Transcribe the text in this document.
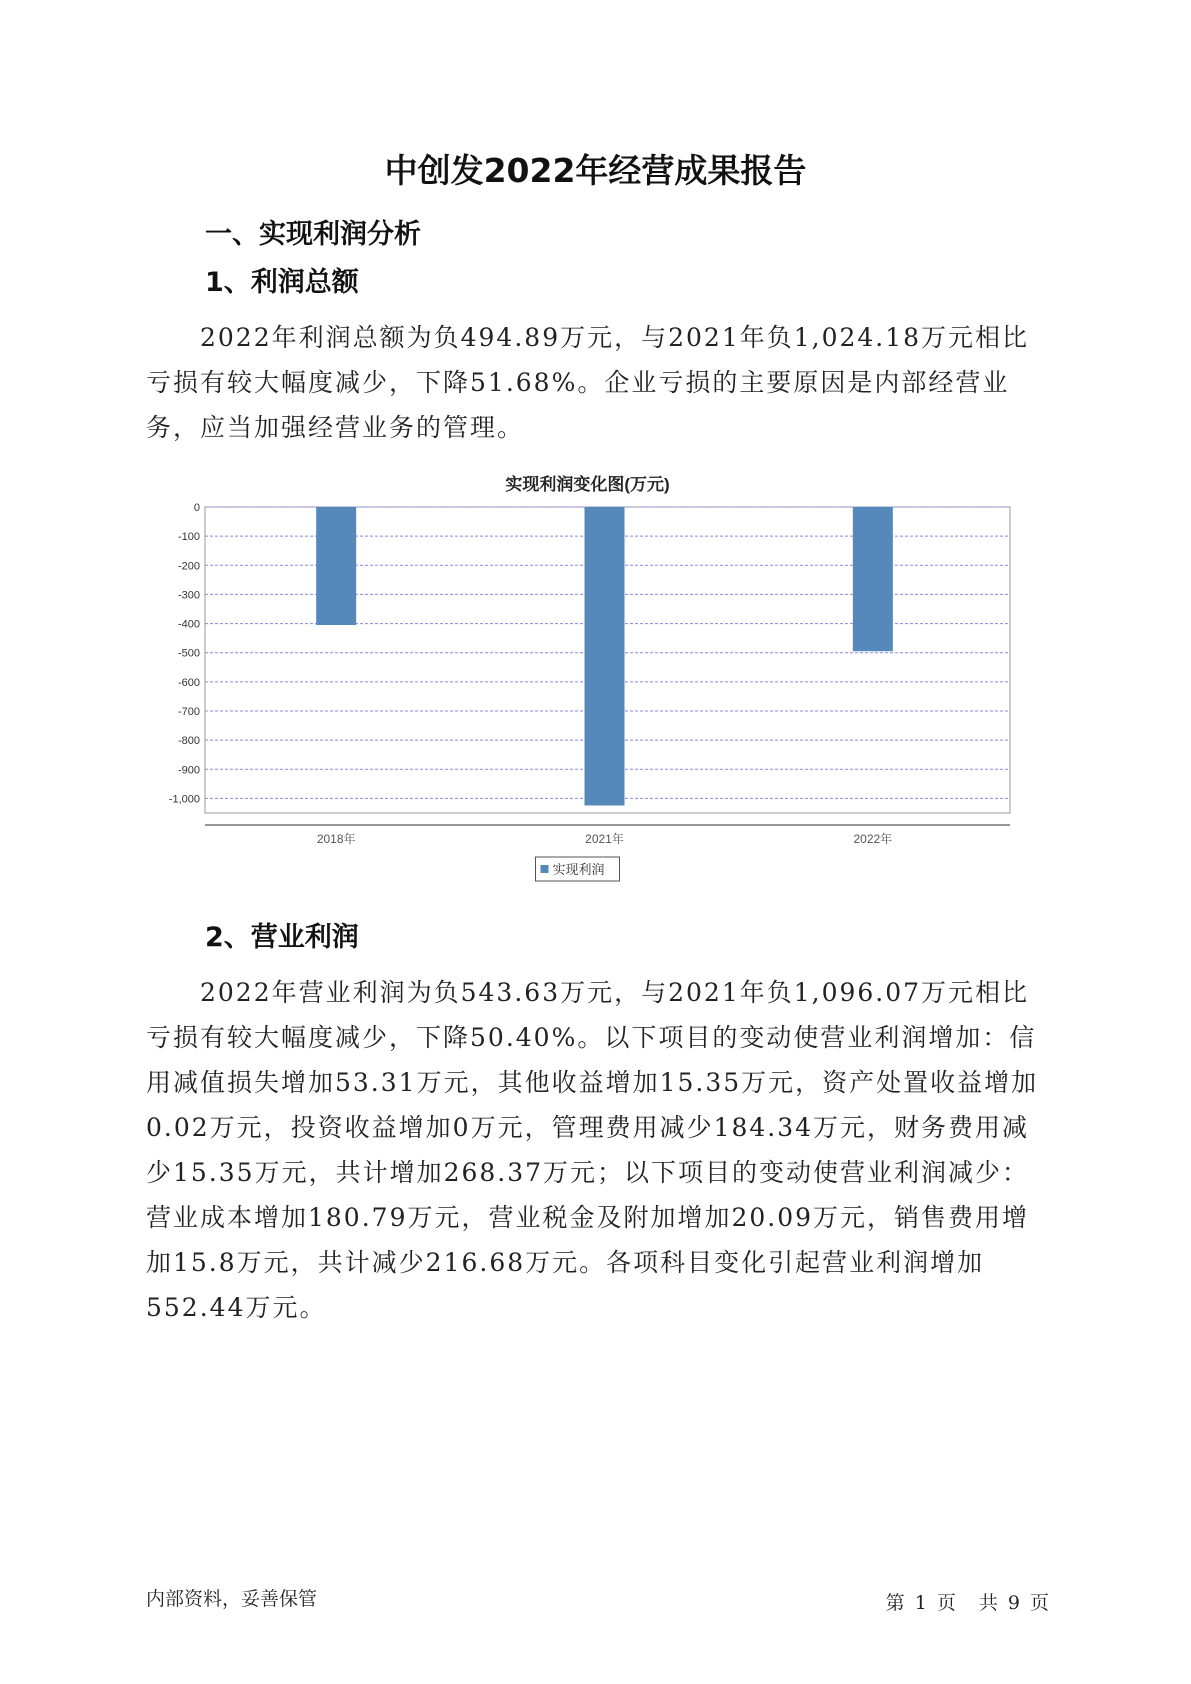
中创发2022年经营成果报告
一、实现利润分析
1、利润总额

2022年利润总额为负494.89万元，与2021年负1,024.18万元相比亏损有较大幅度减少，下降51.68%。企业亏损的主要原因是内部经营业务，应当加强经营业务的管理。

实现利润变化图(万元)
0
-100
-200
-300
-400
-500
-600
-700
-800
-900
-1,000
2018年	2021年	2022年
实现利润
2、营业利润

2022年营业利润为负543.63万元，与2021年负1,096.07万元相比亏损有较大幅度减少，下降50.40%。以下项目的变动使营业利润增加：信用减值损失增加53.31万元，其他收益增加15.35万元，资产处置收益增加0.02万元，投资收益增加0万元，管理费用减少184.34万元，财务费用减少15.35万元，共计增加268.37万元；以下项目的变动使营业利润减少：营业成本增加180.79万元，营业税金及附加增加20.09万元，销售费用增加15.8万元，共计减少216.68万元。各项科目变化引起营业利润增加552.44万元。

内部资料，妥善保管	第 1 页　共 9 页
